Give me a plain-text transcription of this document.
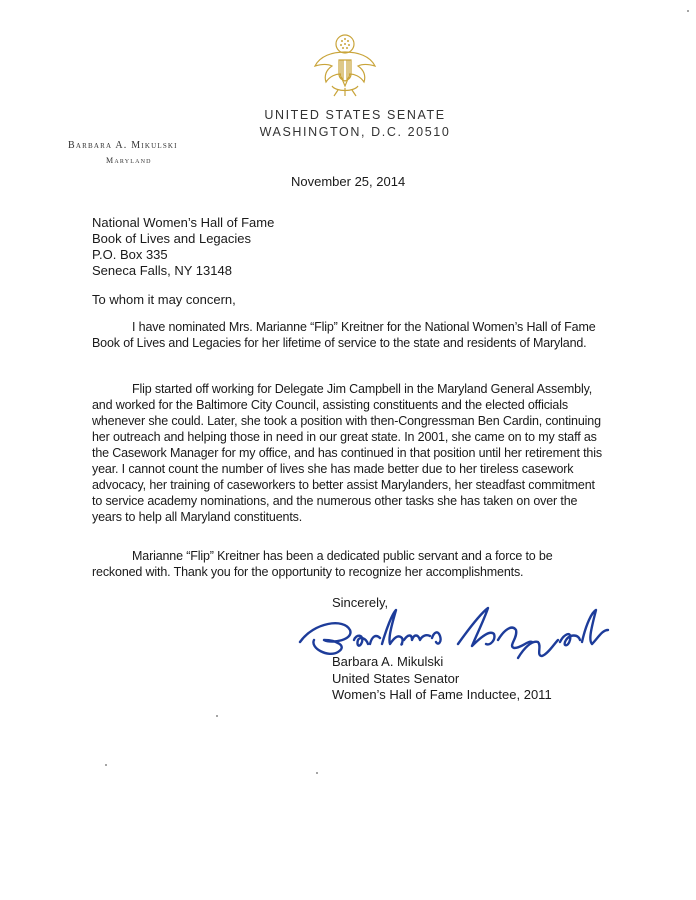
UNITED STATES SENATE
WASHINGTON, D.C. 20510
Barbara A. Mikulski
Maryland
November 25, 2014
National Women’s Hall of Fame
Book of Lives and Legacies
P.O. Box 335
Seneca Falls, NY 13148
To whom it may concern,

I have nominated Mrs. Marianne “Flip” Kreitner for the National Women’s Hall of Fame Book of Lives and Legacies for her lifetime of service to the state and residents of Maryland.

Flip started off working for Delegate Jim Campbell in the Maryland General Assembly, and worked for the Baltimore City Council, assisting constituents and the elected officials whenever she could. Later, she took a position with then-Congressman Ben Cardin, continuing her outreach and helping those in need in our great state. In 2001, she came on to my staff as the Casework Manager for my office, and has continued in that position until her retirement this year. I cannot count the number of lives she has made better due to her tireless casework advocacy, her training of caseworkers to better assist Marylanders, her steadfast commitment to service academy nominations, and the numerous other tasks she has taken on over the years to help all Maryland constituents.

Marianne “Flip” Kreitner has been a dedicated public servant and a force to be reckoned with. Thank you for the opportunity to recognize her accomplishments.

Sincerely,
Barbara Mikulski
Barbara A. Mikulski
United States Senator
Women’s Hall of Fame Inductee, 2011
